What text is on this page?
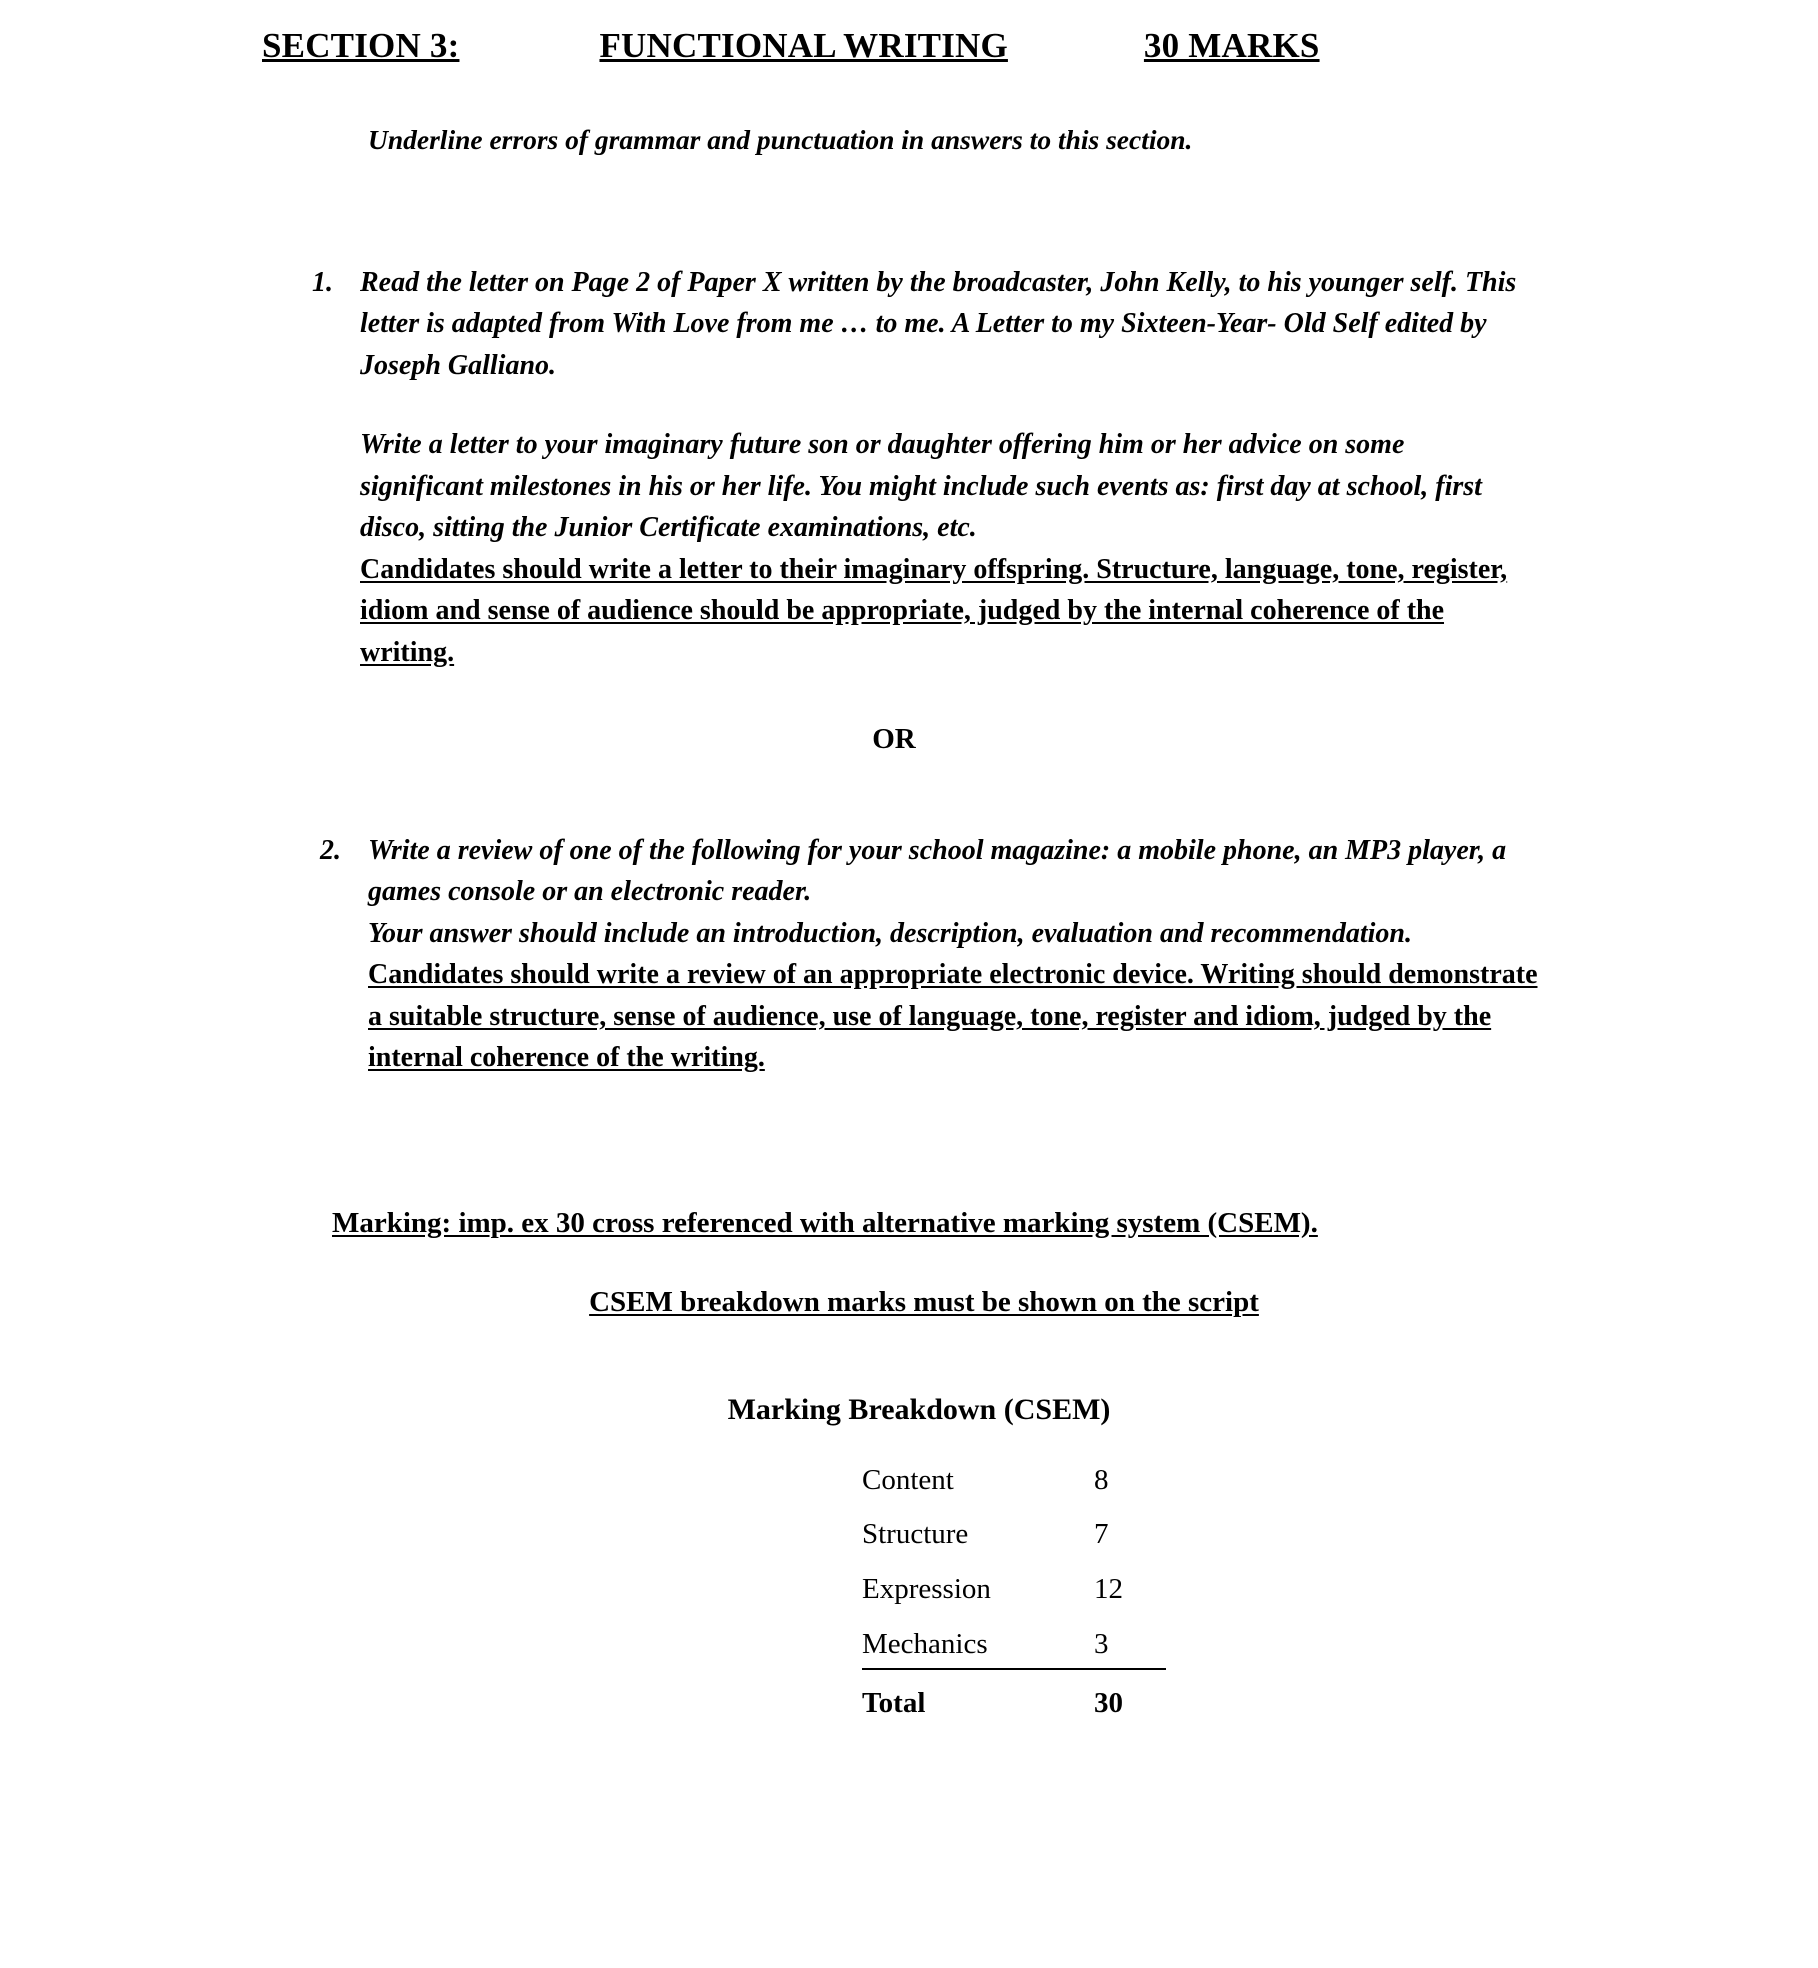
SECTION 3:	FUNCTIONAL WRITING	30 MARKS
Underline errors of grammar and punctuation in answers to this section.
1. Read the letter on Page 2 of Paper X written by the broadcaster, John Kelly, to his younger self. This letter is adapted from With Love from me … to me. A Letter to my Sixteen-Year- Old Self edited by Joseph Galliano.

Write a letter to your imaginary future son or daughter offering him or her advice on some significant milestones in his or her life. You might include such events as: first day at school, first disco, sitting the Junior Certificate examinations, etc.

Candidates should write a letter to their imaginary offspring. Structure, language, tone, register, idiom and sense of audience should be appropriate, judged by the internal coherence of the writing.

OR
2. Write a review of one of the following for your school magazine: a mobile phone, an MP3 player, a games console or an electronic reader.

Your answer should include an introduction, description, evaluation and recommendation.

Candidates should write a review of an appropriate electronic device. Writing should demonstrate a suitable structure, sense of audience, use of language, tone, register and idiom, judged by the internal coherence of the writing.

Marking: imp. ex 30 cross referenced with alternative marking system (CSEM).
CSEM breakdown marks must be shown on the script
Marking Breakdown (CSEM)
Content	8
Structure	7
Expression	12
Mechanics	3
Total	30
